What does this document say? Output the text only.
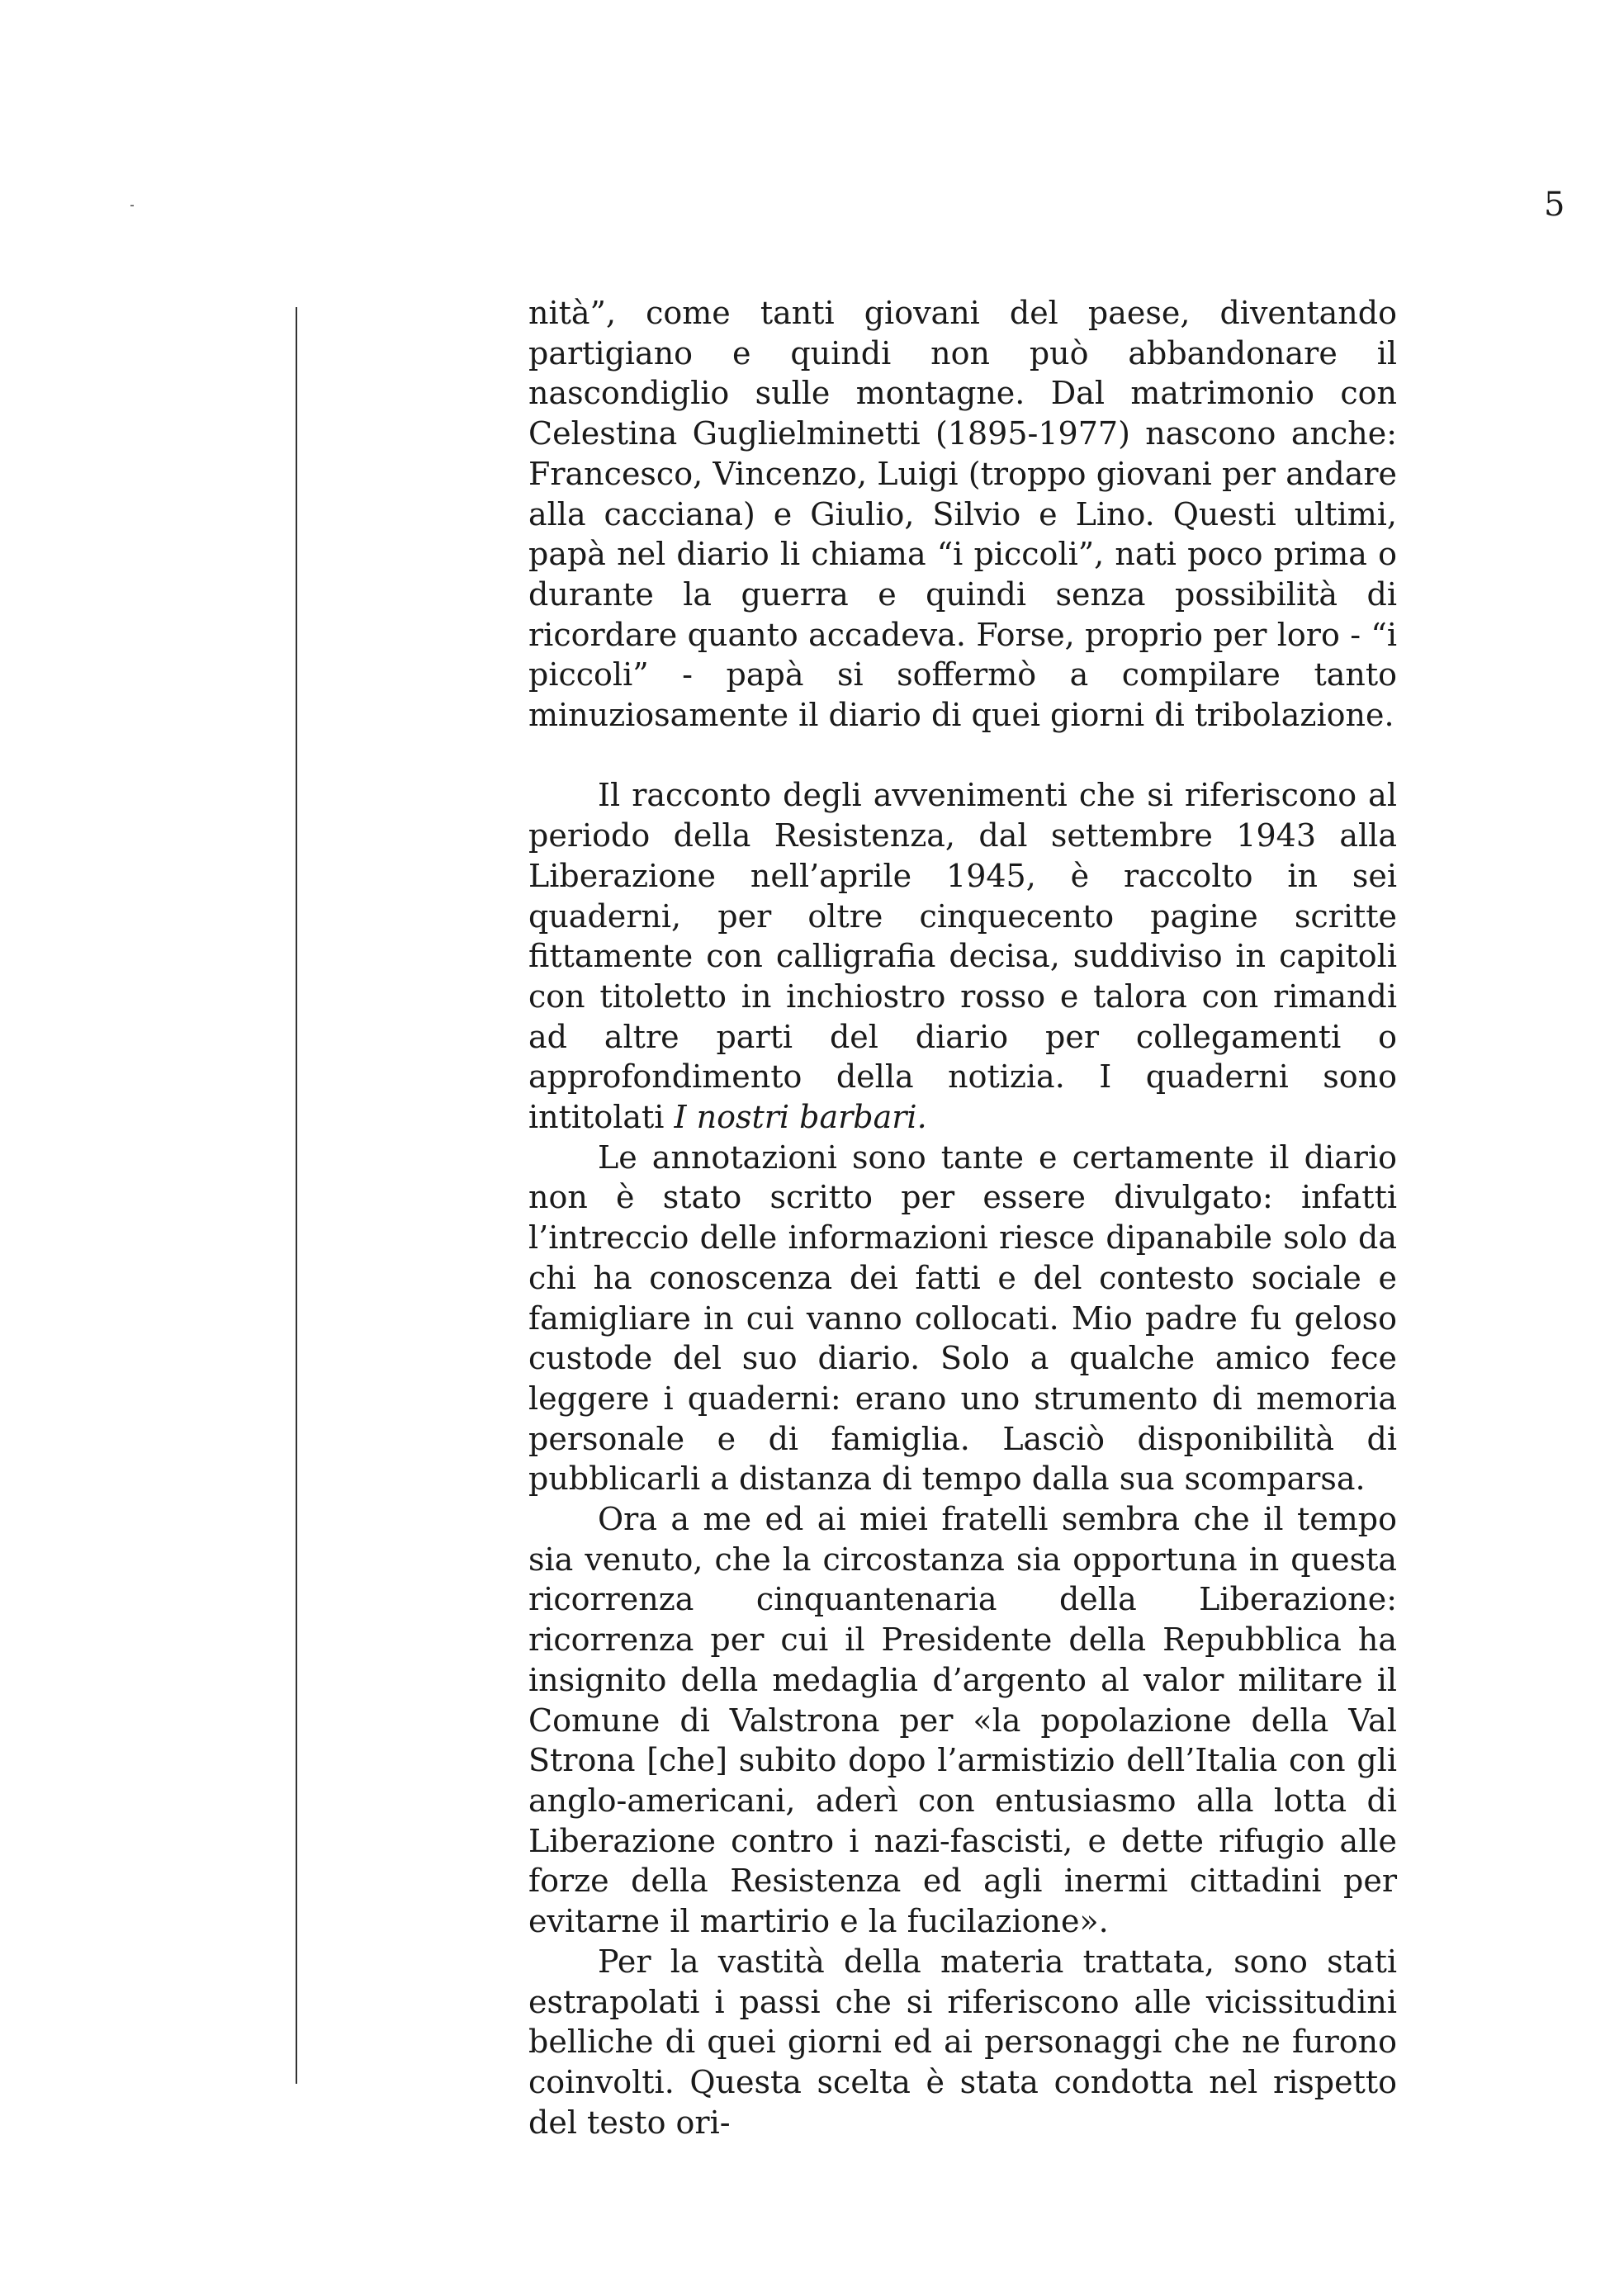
5

nità”, come tanti giovani del paese, diventando partigiano e quindi non può abbandonare il nascondiglio sulle montagne. Dal matrimonio con Celestina Guglielminetti (1895-1977) nascono anche: Francesco, Vincenzo, Luigi (troppo giovani per andare alla cacciana) e Giulio, Silvio e Lino. Questi ultimi, papà nel diario li chiama “i piccoli”, nati poco prima o durante la guerra e quindi senza possibilità di ricordare quanto accadeva. Forse, proprio per loro - “i piccoli” - papà si soffermò a compilare tanto minuziosamente il diario di quei giorni di tribolazione.

Il racconto degli avvenimenti che si riferiscono al periodo della Resistenza, dal settembre 1943 alla Liberazione nell’aprile 1945, è raccolto in sei quaderni, per oltre cinquecento pagine scritte fittamente con calligrafia decisa, suddiviso in capitoli con titoletto in inchiostro rosso e talora con rimandi ad altre parti del diario per collegamenti o approfondimento della notizia. I quaderni sono intitolati I nostri barbari.

Le annotazioni sono tante e certamente il diario non è stato scritto per essere divulgato: infatti l’intreccio delle informazioni riesce dipanabile solo da chi ha conoscenza dei fatti e del contesto sociale e famigliare in cui vanno collocati. Mio padre fu geloso custode del suo diario. Solo a qualche amico fece leggere i quaderni: erano uno strumento di memoria personale e di famiglia. Lasciò disponibilità di pubblicarli a distanza di tempo dalla sua scomparsa.

Ora a me ed ai miei fratelli sembra che il tempo sia venuto, che la circostanza sia opportuna in questa ricorrenza cinquantenaria della Liberazione: ricorrenza per cui il Presidente della Repubblica ha insignito della medaglia d’argento al valor militare il Comune di Valstrona per «la popolazione della Val Strona [che] subito dopo l’armistizio dell’Italia con gli anglo-americani, aderì con entusiasmo alla lotta di Liberazione contro i nazi-fascisti, e dette rifugio alle forze della Resistenza ed agli inermi cittadini per evitarne il martirio e la fucilazione».

Per la vastità della materia trattata, sono stati estrapolati i passi che si riferiscono alle vicissitudini belliche di quei giorni ed ai personaggi che ne furono coinvolti. Questa scelta è stata condotta nel rispetto del testo ori-
